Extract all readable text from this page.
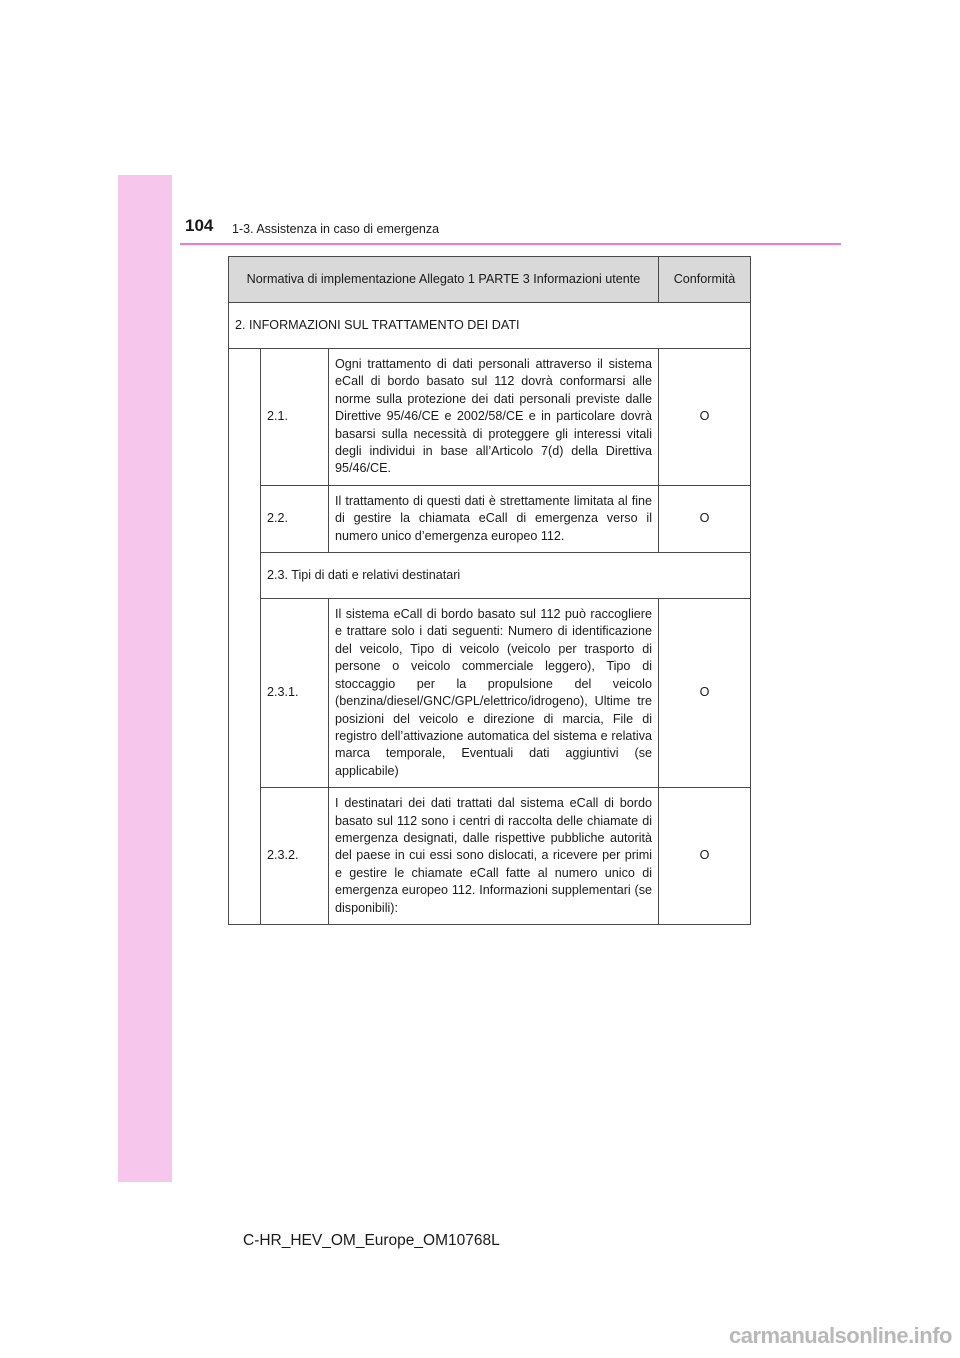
104 1-3. Assistenza in caso di emergenza
Normativa di implementazione Allegato 1 PARTE 3 Informazioni utente			Conformità
2. INFORMAZIONI SUL TRATTAMENTO DEI DATI			
	2.1.	Ogni trattamento di dati personali attraverso il sistema eCall di bordo basato sul 112 dovrà conformarsi alle norme sulla protezione dei dati personali previste dalle Direttive 95/46/CE e 2002/58/CE e in particolare dovrà basarsi sulla necessità di proteggere gli interessi vitali degli individui in base all’Articolo 7(d) della Direttiva 95/46/CE.	O
	2.2.	Il trattamento di questi dati è strettamente limitata al fine di gestire la chiamata eCall di emergenza verso il numero unico d’emergenza europeo 112.	O
	2.3. Tipi di dati e relativi destinatari		
	2.3.1.	Il sistema eCall di bordo basato sul 112 può raccogliere e trattare solo i dati seguenti: Numero di identificazione del veicolo, Tipo di veicolo (veicolo per trasporto di persone o veicolo commerciale leggero), Tipo di stoccaggio per la propulsione del veicolo (benzina/diesel/GNC/GPL/elettrico/idrogeno), Ultime tre posizioni del veicolo e direzione di marcia, File di registro dell’attivazione automatica del sistema e relativa marca temporale, Eventuali dati aggiuntivi (se applicabile)	O
	2.3.2.	I destinatari dei dati trattati dal sistema eCall di bordo basato sul 112 sono i centri di raccolta delle chiamate di emergenza designati, dalle rispettive pubbliche autorità del paese in cui essi sono dislocati, a ricevere per primi e gestire le chiamate eCall fatte al numero unico di emergenza europeo 112. Informazioni supplementari (se disponibili):	O
C-HR_HEV_OM_Europe_OM10768L
carmanualsonline.info
